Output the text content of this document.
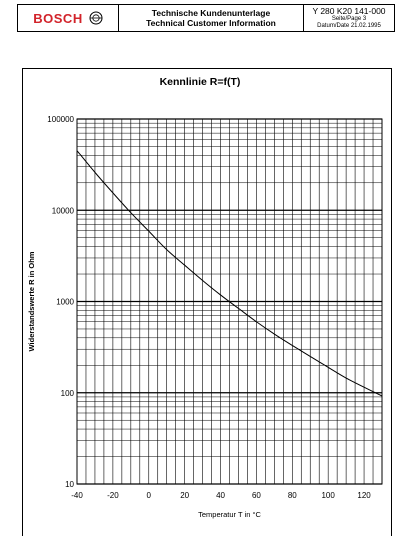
BOSCH	Technische Kundenunterlage
Technical Customer Information
Y 280 K20 141-000
Seite/Page 3
Datum/Date 21.02.1995
Kennlinie R=f(T)
-40	-20	0	20	40	60	80	100	120
10
100
1000
10000
100000
Temperatur T in °C
Widerstandswerte R in Ohm
